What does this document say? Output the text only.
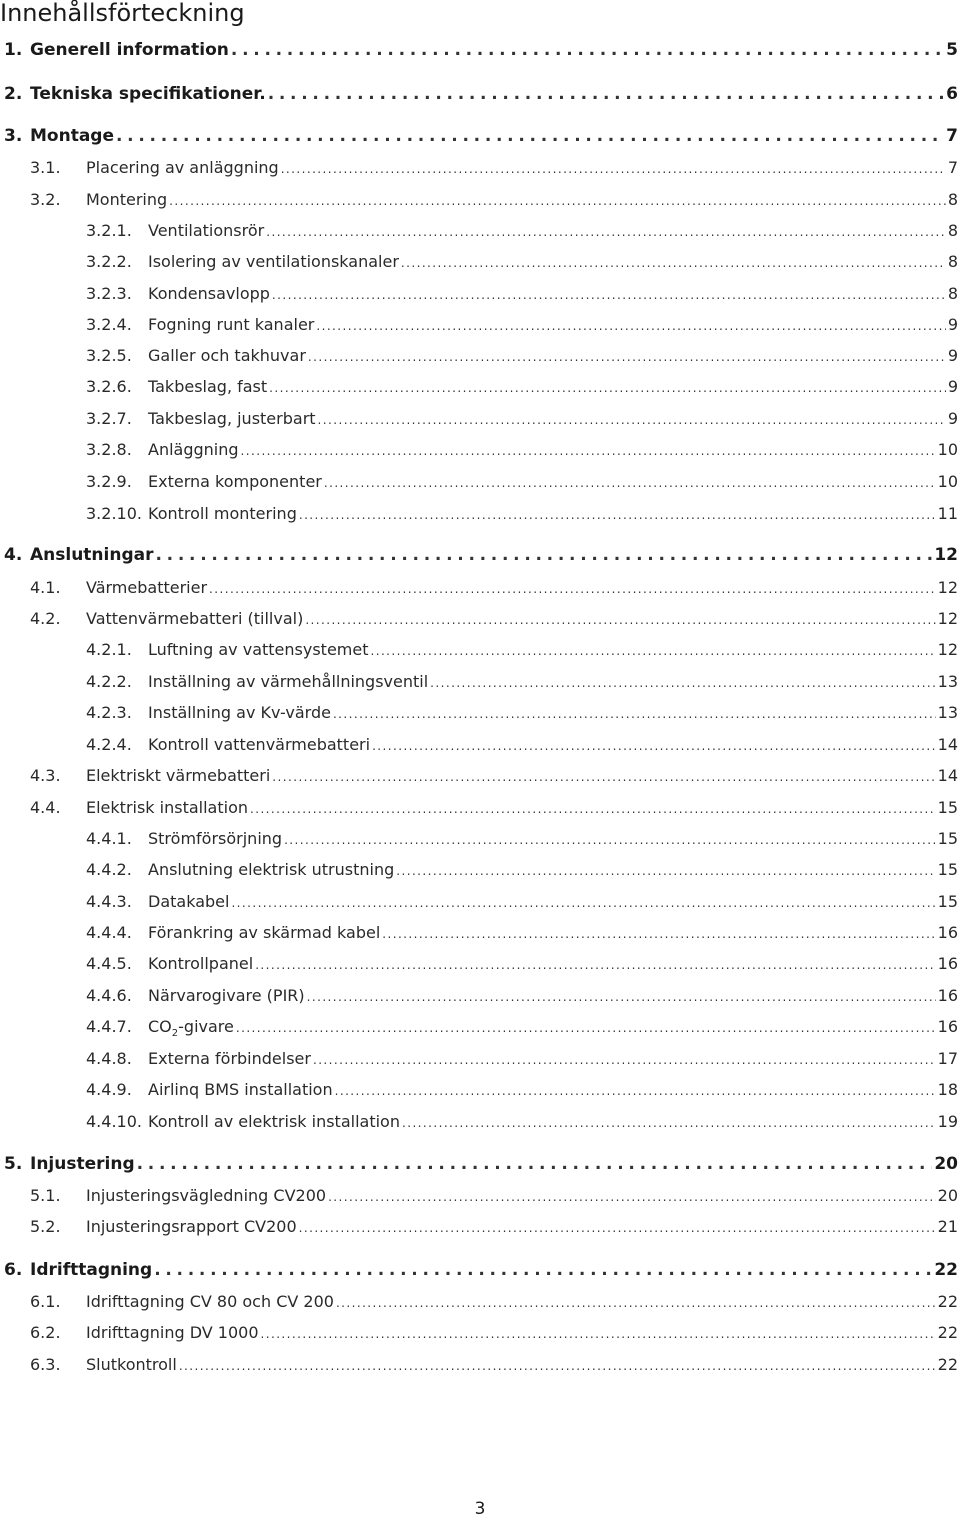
Innehållsförteckning
1. Generell information . . .	5
2. Tekniska specifikationer. . . .	6
3. Montage . . .	7
3.1.	Placering av anläggning . . .	7
3.2.	Montering . . .	8
3.2.1.	Ventilationsrör . . .	8
3.2.2.	Isolering av ventilationskanaler . . .	8
3.2.3.	Kondensavlopp . . .	8
3.2.4.	Fogning runt kanaler . . .	9
3.2.5.	Galler och takhuvar . . .	9
3.2.6.	Takbeslag, fast . . .	9
3.2.7.	Takbeslag, justerbart . . .	9
3.2.8.	Anläggning . . .	10
3.2.9.	Externa komponenter . . .	10
3.2.10. Kontroll montering . . .	11
4. Anslutningar . . .	12
4.1.	Värmebatterier . . .	12
4.2.	Vattenvärmebatteri (tillval) . . .	12
4.2.1.	Luftning av vattensystemet . . .	12
4.2.2.	Inställning av värmehållningsventil . . .	13
4.2.3.	Inställning av Kv-värde . . .	13
4.2.4.	Kontroll vattenvärmebatteri . . .	14
4.3.	Elektriskt värmebatteri . . .	14
4.4.	Elektrisk installation . . .	15
4.4.1.	Strömförsörjning . . .	15
4.4.2.	Anslutning elektrisk utrustning . . .	15
4.4.3.	Datakabel . . .	15
4.4.4.	Förankring av skärmad kabel . . .	16
4.4.5.	Kontrollpanel . . .	16
4.4.6.	Närvarogivare (PIR) . . .	16
4.4.7.	$CO_2$-givare . . .	16
4.4.8.	Externa förbindelser . . .	17
4.4.9.	Airlinq BMS installation . . .	18
4.4.10. Kontroll av elektrisk installation . . .	19
5. Injustering . . .	20
5.1.	Injusteringsvägledning CV200 . . .	20
5.2.	Injusteringsrapport CV200 . . .	21
6. Idrifttagning . . .	22
6.1.	Idrifttagning CV 80 och CV 200 . . .	22
6.2.	Idrifttagning DV 1000 . . .	22
6.3.	Slutkontroll . . .	22
3
